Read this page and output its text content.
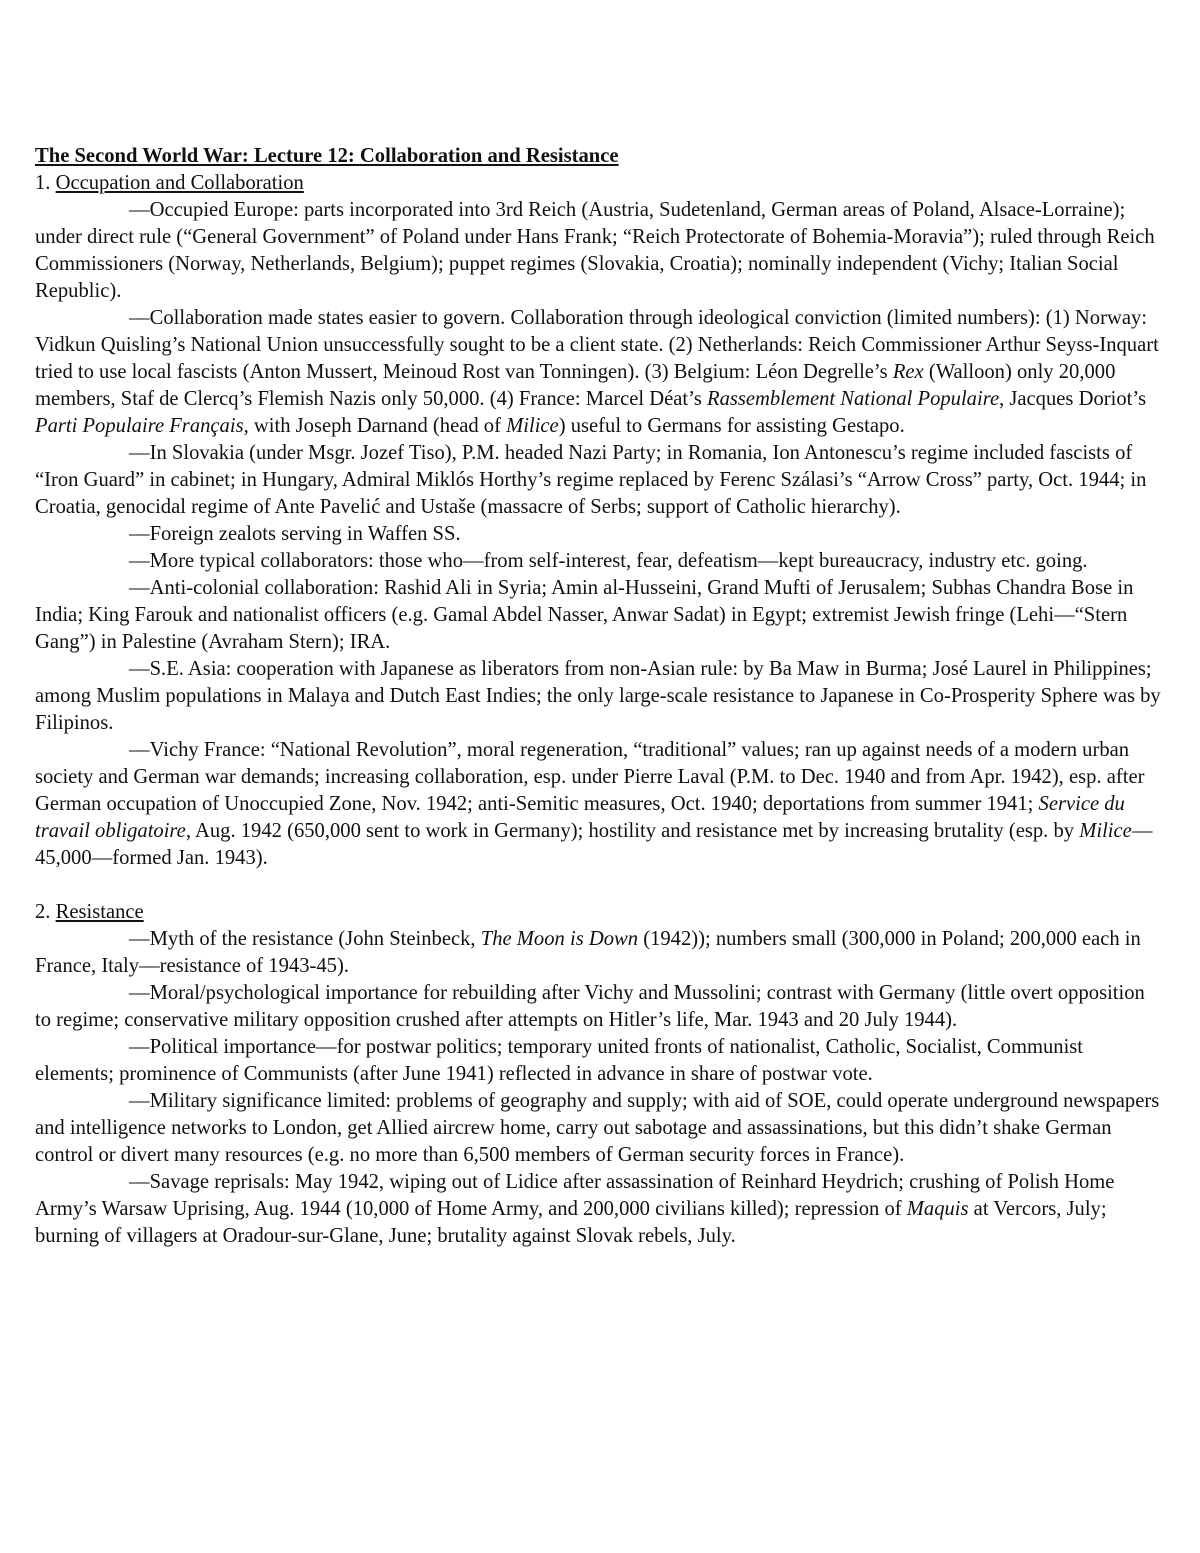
The Second World War: Lecture 12: Collaboration and Resistance
1. Occupation and Collaboration

—Occupied Europe: parts incorporated into 3rd Reich (Austria, Sudetenland, German areas of Poland, Alsace-Lorraine); under direct rule (“General Government” of Poland under Hans Frank; “Reich Protectorate of Bohemia-Moravia”); ruled through Reich Commissioners (Norway, Netherlands, Belgium); puppet regimes (Slovakia, Croatia); nominally independent (Vichy; Italian Social Republic).

—Collaboration made states easier to govern. Collaboration through ideological conviction (limited numbers): (1) Norway: Vidkun Quisling’s National Union unsuccessfully sought to be a client state. (2) Netherlands: Reich Commissioner Arthur Seyss-Inquart tried to use local fascists (Anton Mussert, Meinoud Rost van Tonningen). (3) Belgium: Léon Degrelle’s Rex (Walloon) only 20,000 members, Staf de Clercq’s Flemish Nazis only 50,000. (4) France: Marcel Déat’s Rassemblement National Populaire, Jacques Doriot’s Parti Populaire Français, with Joseph Darnand (head of Milice) useful to Germans for assisting Gestapo.

—In Slovakia (under Msgr. Jozef Tiso), P.M. headed Nazi Party; in Romania, Ion Antonescu’s regime included fascists of “Iron Guard” in cabinet; in Hungary, Admiral Miklós Horthy’s regime replaced by Ferenc Szálasi’s “Arrow Cross” party, Oct. 1944; in Croatia, genocidal regime of Ante Pavelić and Ustaše (massacre of Serbs; support of Catholic hierarchy).

—Foreign zealots serving in Waffen SS.

—More typical collaborators: those who—from self-interest, fear, defeatism—kept bureaucracy, industry etc. going.

—Anti-colonial collaboration: Rashid Ali in Syria; Amin al-Husseini, Grand Mufti of Jerusalem; Subhas Chandra Bose in India; King Farouk and nationalist officers (e.g. Gamal Abdel Nasser, Anwar Sadat) in Egypt; extremist Jewish fringe (Lehi—“Stern Gang”) in Palestine (Avraham Stern); IRA.

—S.E. Asia: cooperation with Japanese as liberators from non-Asian rule: by Ba Maw in Burma; José Laurel in Philippines; among Muslim populations in Malaya and Dutch East Indies; the only large-scale resistance to Japanese in Co-Prosperity Sphere was by Filipinos.

—Vichy France: “National Revolution”, moral regeneration, “traditional” values; ran up against needs of a modern urban society and German war demands; increasing collaboration, esp. under Pierre Laval (P.M. to Dec. 1940 and from Apr. 1942), esp. after German occupation of Unoccupied Zone, Nov. 1942; anti-Semitic measures, Oct. 1940; deportations from summer 1941; Service du travail obligatoire, Aug. 1942 (650,000 sent to work in Germany); hostility and resistance met by increasing brutality (esp. by Milice—45,000—formed Jan. 1943).

2. Resistance

—Myth of the resistance (John Steinbeck, The Moon is Down (1942)); numbers small (300,000 in Poland; 200,000 each in France, Italy—resistance of 1943-45).

—Moral/psychological importance for rebuilding after Vichy and Mussolini; contrast with Germany (little overt opposition to regime; conservative military opposition crushed after attempts on Hitler’s life, Mar. 1943 and 20 July 1944).

—Political importance—for postwar politics; temporary united fronts of nationalist, Catholic, Socialist, Communist elements; prominence of Communists (after June 1941) reflected in advance in share of postwar vote.

—Military significance limited: problems of geography and supply; with aid of SOE, could operate underground newspapers and intelligence networks to London, get Allied aircrew home, carry out sabotage and assassinations, but this didn’t shake German control or divert many resources (e.g. no more than 6,500 members of German security forces in France).

—Savage reprisals: May 1942, wiping out of Lidice after assassination of Reinhard Heydrich; crushing of Polish Home Army’s Warsaw Uprising, Aug. 1944 (10,000 of Home Army, and 200,000 civilians killed); repression of Maquis at Vercors, July; burning of villagers at Oradour-sur-Glane, June; brutality against Slovak rebels, July.
